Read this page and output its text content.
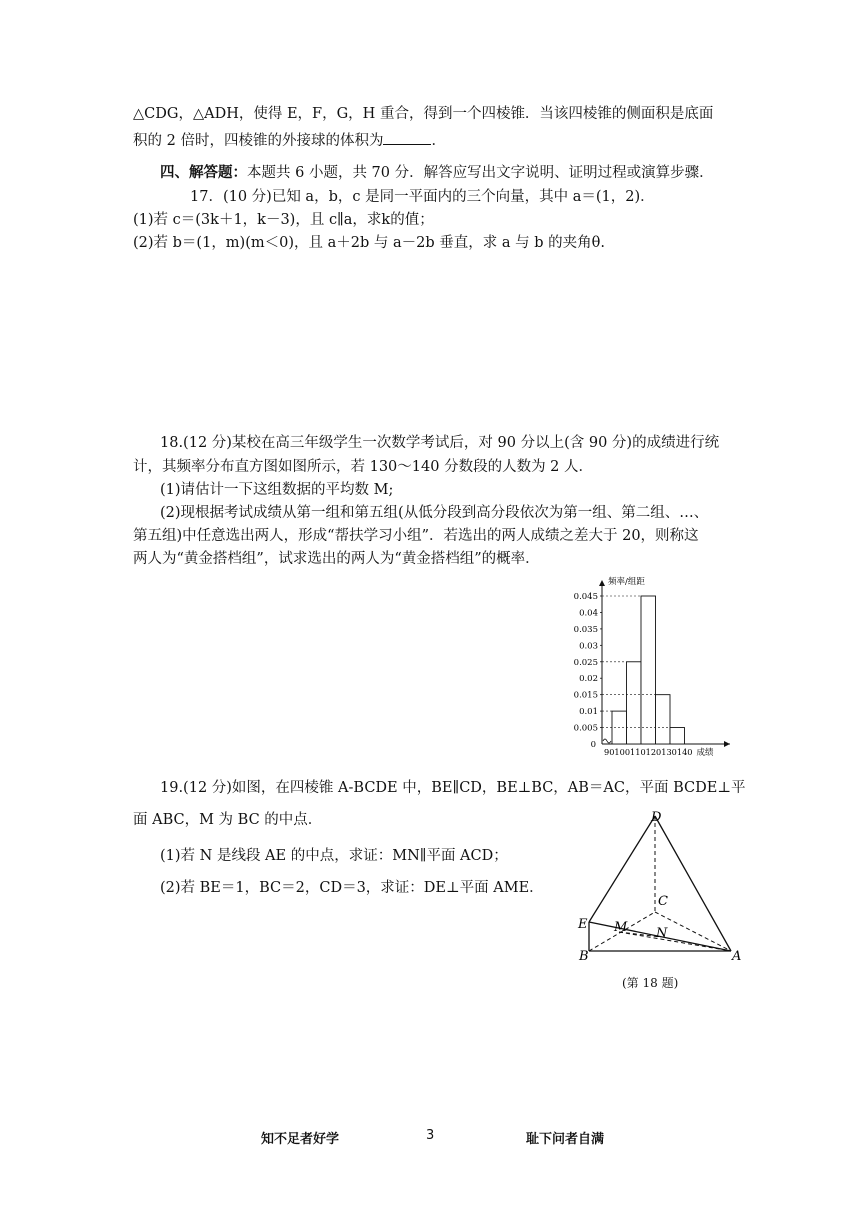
△CDG，△ADH，使得 E，F，G，H 重合，得到一个四棱锥．当该四棱锥的侧面积是底面
积的 2 倍时，四棱锥的外接球的体积为	．
四、解答题：本题共 6 小题，共 70 分．解答应写出文字说明、证明过程或演算步骤．
17．(10 分)已知 a，b，c 是同一平面内的三个向量，其中 a＝(1，2)．
(1)若 c＝(3k＋1，k－3)，且 c∥a，求k的值；
(2)若 b＝(1，m)(m＜0)，且 a＋2b 与 a－2b 垂直，求 a 与 b 的夹角θ.
18.(12 分)某校在高三年级学生一次数学考试后，对 90 分以上(含 90 分)的成绩进行统
计，其频率分布直方图如图所示，若 130～140 分数段的人数为 2 人．
(1)请估计一下这组数据的平均数 M;
(2)现根据考试成绩从第一组和第五组(从低分段到高分段依次为第一组、第二组、…、
第五组)中任意选出两人，形成“帮扶学习小组”．若选出的两人成绩之差大于 20，则称这
两人为“黄金搭档组”，试求选出的两人为“黄金搭档组”的概率．
频率/组距
0.045
0.04
0.035
0.03
0.025
0.02
0.015
0.01
0.005
0
90100110120130140 成绩
19.(12 分)如图，在四棱锥 A-BCDE 中，BE∥CD，BE⊥BC，AB＝AC，平面 BCDE⊥平
面 ABC，M 为 BC 的中点．
(1)若 N 是线段 AE 的中点，求证：MN∥平面 ACD；
(2)若 BE＝1，BC＝2，CD＝3，求证：DE⊥平面 AME．
D
C
E M N
B	A
(第 18 题)
知不足者好学	3	耻下问者自满
